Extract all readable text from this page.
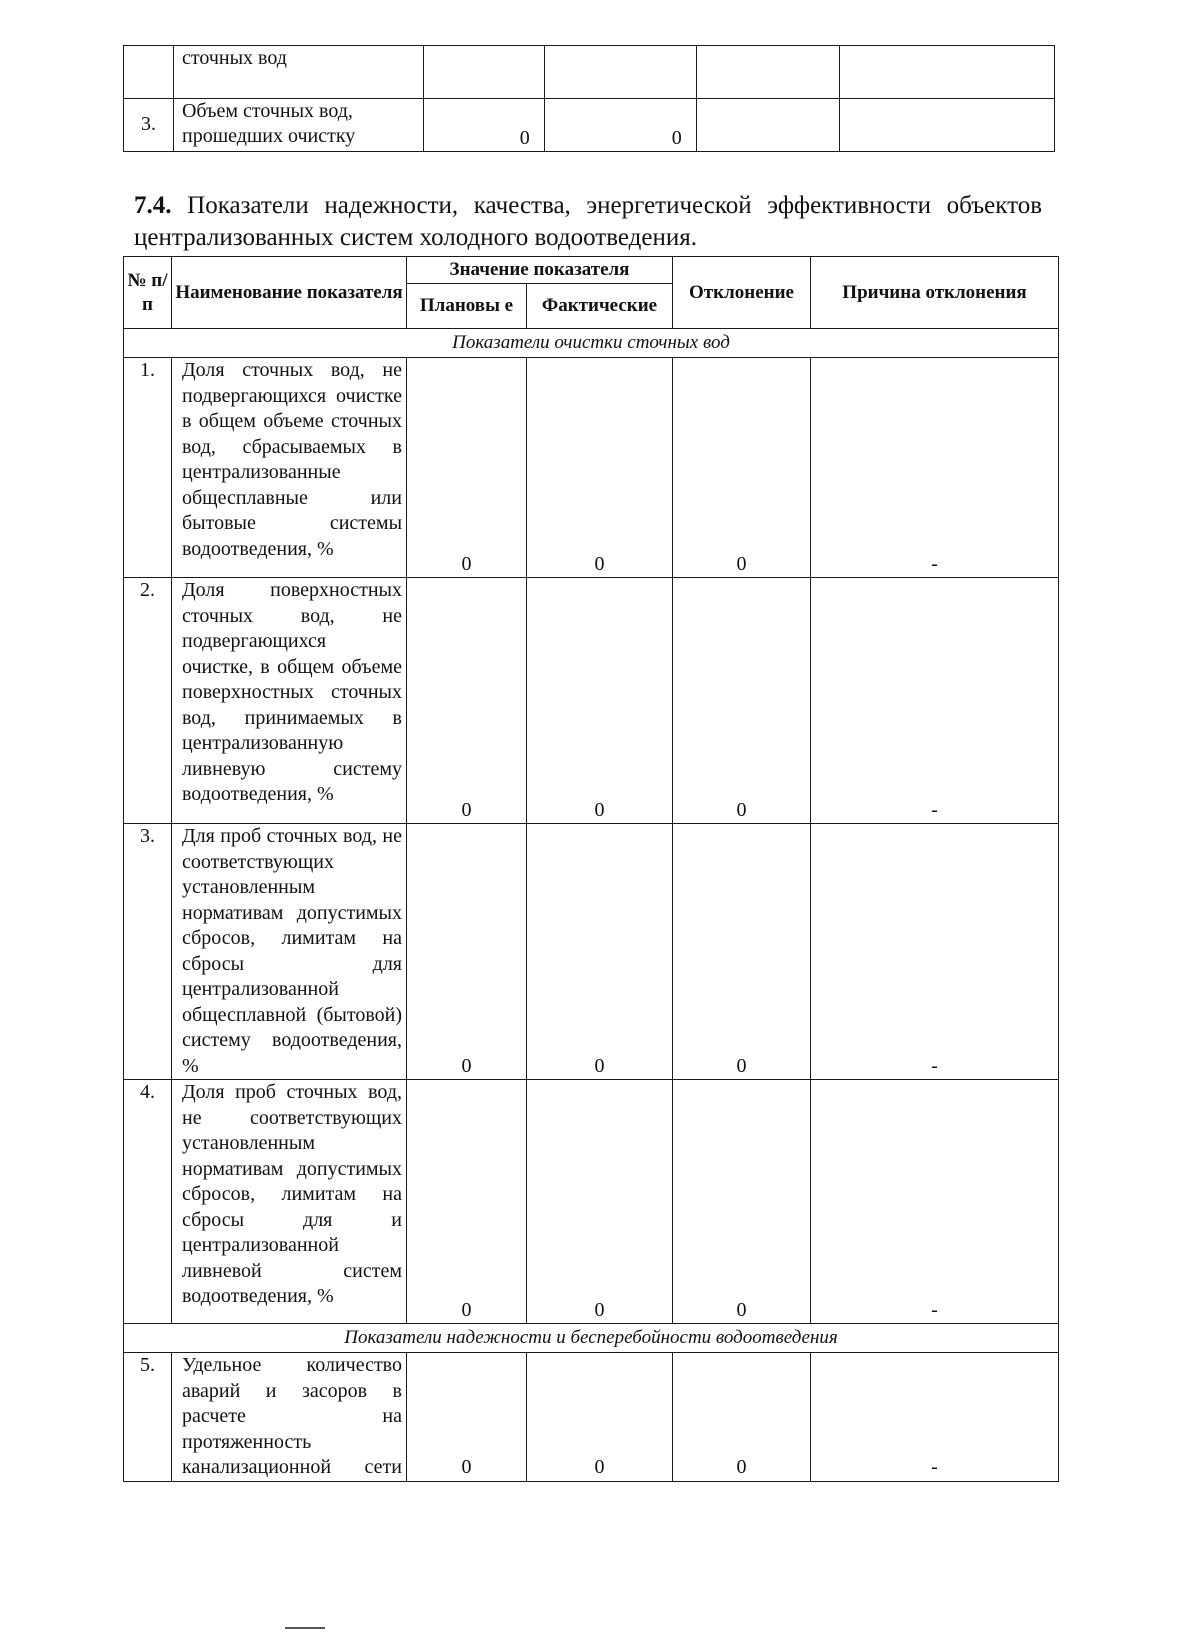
	сточных вод				
3.	Объем сточных вод, прошедших очистку	0	0		

7.4. Показатели надежности, качества, энергетической эффективности объектов централизованных систем холодного водоотведения.

№ п/п	Наименование показателя	Значение показателя		Отклонение	Причина отклонения
		Плановы е	Фактические		
Показатели очистки сточных вод					
1.	Доля сточных вод, не подвергающихся очистке в общем объеме сточных вод, сбрасываемых в централизованные общесплавные или бытовые системы водоотведения, %	0	0	0	-
2.	Доля поверхностных сточных вод, не подвергающихся очистке, в общем объеме поверхностных сточных вод, принимаемых в централизованную ливневую систему водоотведения, %	0	0	0	-
3.	Для проб сточных вод, не соответствующих установленным нормативам допустимых сбросов, лимитам на сбросы для централизованной общесплавной (бытовой) систему водоотведения, %	0	0	0	-
4.	Доля проб сточных вод, не соответствующих установленным нормативам допустимых сбросов, лимитам на сбросы для и централизованной ливневой систем водоотведения, %	0	0	0	-
Показатели надежности и бесперебойности водоотведения					
5.	Удельное количество аварий и засоров в расчете на протяженность канализационной сети	0	0	0	-
